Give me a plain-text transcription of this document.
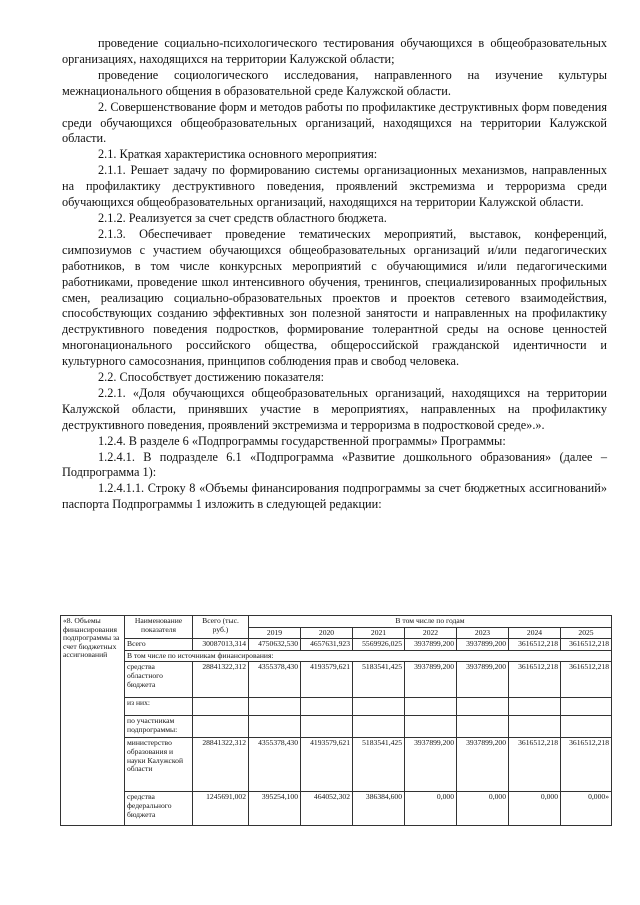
проведение социально-психологического тестирования обучающихся в общеобразовательных организациях, находящихся на территории Калужской области;

проведение социологического исследования, направленного на изучение культуры межнационального общения в образовательной среде Калужской области.

2. Совершенствование форм и методов работы по профилактике деструктивных форм поведения среди обучающихся общеобразовательных организаций, находящихся на территории Калужской области.

2.1. Краткая характеристика основного мероприятия:

2.1.1. Решает задачу по формированию системы организационных механизмов, направленных на профилактику деструктивного поведения, проявлений экстремизма и терроризма среди обучающихся общеобразовательных организаций, находящихся на территории Калужской области.

2.1.2. Реализуется за счет средств областного бюджета.

2.1.3. Обеспечивает проведение тематических мероприятий, выставок, конференций, симпозиумов с участием обучающихся общеобразовательных организаций и/или педагогических работников, в том числе конкурсных мероприятий с обучающимися и/или педагогическими работниками, проведение школ интенсивного обучения, тренингов, специализированных профильных смен, реализацию социально-образовательных проектов и проектов сетевого взаимодействия, способствующих созданию эффективных зон полезной занятости и направленных на профилактику деструктивного поведения подростков, формирование толерантной среды на основе ценностей многонационального российского общества, общероссийской гражданской идентичности и культурного самосознания, принципов соблюдения прав и свобод человека.

2.2. Способствует достижению показателя:

2.2.1. «Доля обучающихся общеобразовательных организаций, находящихся на территории Калужской области, принявших участие в мероприятиях, направленных на профилактику деструктивного поведения, проявлений экстремизма и терроризма в подростковой среде».».

1.2.4. В разделе 6 «Подпрограммы государственной программы» Программы:

1.2.4.1. В подразделе 6.1 «Подпрограмма «Развитие дошкольного образования» (далее – Подпрограмма 1):

1.2.4.1.1. Строку 8 «Объемы финансирования подпрограммы за счет бюджетных ассигнований» паспорта Подпрограммы 1 изложить в следующей редакции:

«8. Объемы финансирования подпрограммы за счет бюджетных ассигнований	Наименование показателя	Всего (тыс. руб.)	В том числе по годам						
			2019	2020	2021	2022	2023	2024	2025
	Всего	30087013,314	4750632,530	4657631,923	5569926,025	3937899,200	3937899,200	3616512,218	3616512,218
	В том числе по источникам финансирования:								
	средства областного бюджета	28841322,312	4355378,430	4193579,621	5183541,425	3937899,200	3937899,200	3616512,218	3616512,218
	из них:								
	по участникам подпрограммы:								
	министерство образования и науки Калужской области	28841322,312	4355378,430	4193579,621	5183541,425	3937899,200	3937899,200	3616512,218	3616512,218
	средства федерального бюджета	1245691,002	395254,100	464052,302	386384,600	0,000	0,000	0,000	0,000»
